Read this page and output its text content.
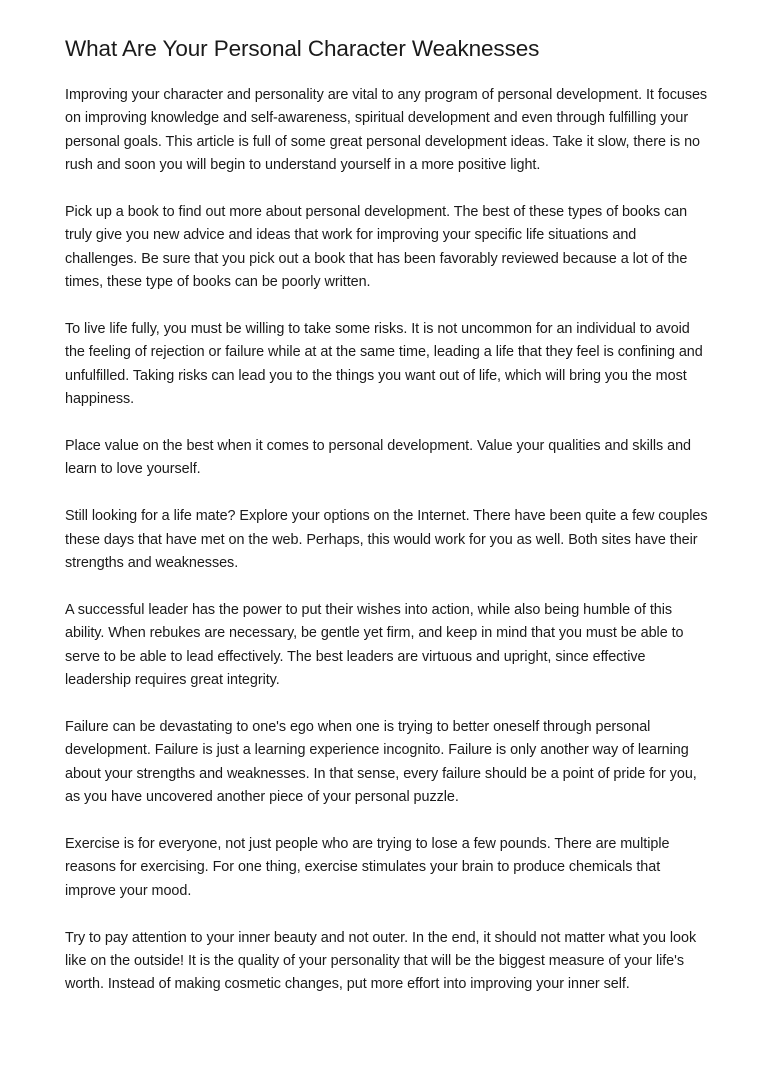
What Are Your Personal Character Weaknesses

Improving your character and personality are vital to any program of personal development. It focuses on improving knowledge and self-awareness, spiritual development and even through fulfilling your personal goals. This article is full of some great personal development ideas. Take it slow, there is no rush and soon you will begin to understand yourself in a more positive light.

Pick up a book to find out more about personal development. The best of these types of books can truly give you new advice and ideas that work for improving your specific life situations and challenges. Be sure that you pick out a book that has been favorably reviewed because a lot of the times, these type of books can be poorly written.

To live life fully, you must be willing to take some risks. It is not uncommon for an individual to avoid the feeling of rejection or failure while at at the same time, leading a life that they feel is confining and unfulfilled. Taking risks can lead you to the things you want out of life, which will bring you the most happiness.

Place value on the best when it comes to personal development. Value your qualities and skills and learn to love yourself.

Still looking for a life mate? Explore your options on the Internet. There have been quite a few couples these days that have met on the web. Perhaps, this would work for you as well. Both sites have their strengths and weaknesses.

A successful leader has the power to put their wishes into action, while also being humble of this ability. When rebukes are necessary, be gentle yet firm, and keep in mind that you must be able to serve to be able to lead effectively. The best leaders are virtuous and upright, since effective leadership requires great integrity.

Failure can be devastating to one's ego when one is trying to better oneself through personal development. Failure is just a learning experience incognito. Failure is only another way of learning about your strengths and weaknesses. In that sense, every failure should be a point of pride for you, as you have uncovered another piece of your personal puzzle.

Exercise is for everyone, not just people who are trying to lose a few pounds. There are multiple reasons for exercising. For one thing, exercise stimulates your brain to produce chemicals that improve your mood.

Try to pay attention to your inner beauty and not outer. In the end, it should not matter what you look like on the outside! It is the quality of your personality that will be the biggest measure of your life's worth. Instead of making cosmetic changes, put more effort into improving your inner self.
